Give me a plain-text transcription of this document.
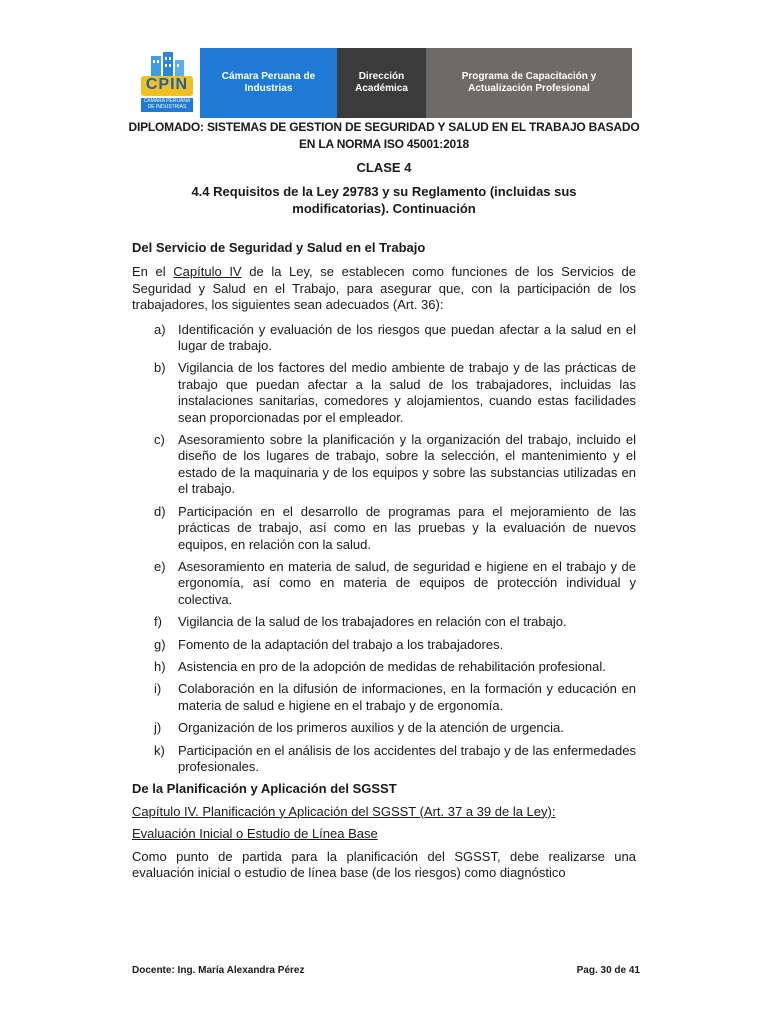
CPIN
CAMARA PERUANA DE INDUSTRIAS
Cámara Peruana de
Industrias
Dirección
Académica
Programa de Capacitación y
Actualización Profesional
DIPLOMADO: SISTEMAS DE GESTION DE SEGURIDAD Y SALUD EN EL TRABAJO BASADO
EN LA NORMA ISO 45001:2018
CLASE 4
4.4 Requisitos de la Ley 29783 y su Reglamento (incluidas sus modificatorias). Continuación
Del Servicio de Seguridad y Salud en el Trabajo

En el Capítulo IV de la Ley, se establecen como funciones de los Servicios de Seguridad y Salud en el Trabajo, para asegurar que, con la participación de los trabajadores, los siguientes sean adecuados (Art. 36):

a) Identificación y evaluación de los riesgos que puedan afectar a la salud en el lugar de trabajo.
b) Vigilancia de los factores del medio ambiente de trabajo y de las prácticas de trabajo que puedan afectar a la salud de los trabajadores, incluidas las instalaciones sanitarias, comedores y alojamientos, cuando estas facilidades sean proporcionadas por el empleador.
c) Asesoramiento sobre la planificación y la organización del trabajo, incluido el diseño de los lugares de trabajo, sobre la selección, el mantenimiento y el estado de la maquinaria y de los equipos y sobre las substancias utilizadas en el trabajo.
d) Participación en el desarrollo de programas para el mejoramiento de las prácticas de trabajo, así como en las pruebas y la evaluación de nuevos equipos, en relación con la salud.
e) Asesoramiento en materia de salud, de seguridad e higiene en el trabajo y de ergonomía, así como en materia de equipos de protección individual y colectiva.
f) Vigilancia de la salud de los trabajadores en relación con el trabajo.
g) Fomento de la adaptación del trabajo a los trabajadores.
h) Asistencia en pro de la adopción de medidas de rehabilitación profesional.
i) Colaboración en la difusión de informaciones, en la formación y educación en materia de salud e higiene en el trabajo y de ergonomía.
j) Organización de los primeros auxilios y de la atención de urgencia.
k) Participación en el análisis de los accidentes del trabajo y de las enfermedades profesionales.
De la Planificación y Aplicación del SGSST
Capítulo IV. Planificación y Aplicación del SGSST (Art. 37 a 39 de la Ley):
Evaluación Inicial o Estudio de Línea Base

Como punto de partida para la planificación del SGSST, debe realizarse una evaluación inicial o estudio de línea base (de los riesgos) como diagnóstico

Docente: Ing. María Alexandra Pérez	Pag. 30 de 41
